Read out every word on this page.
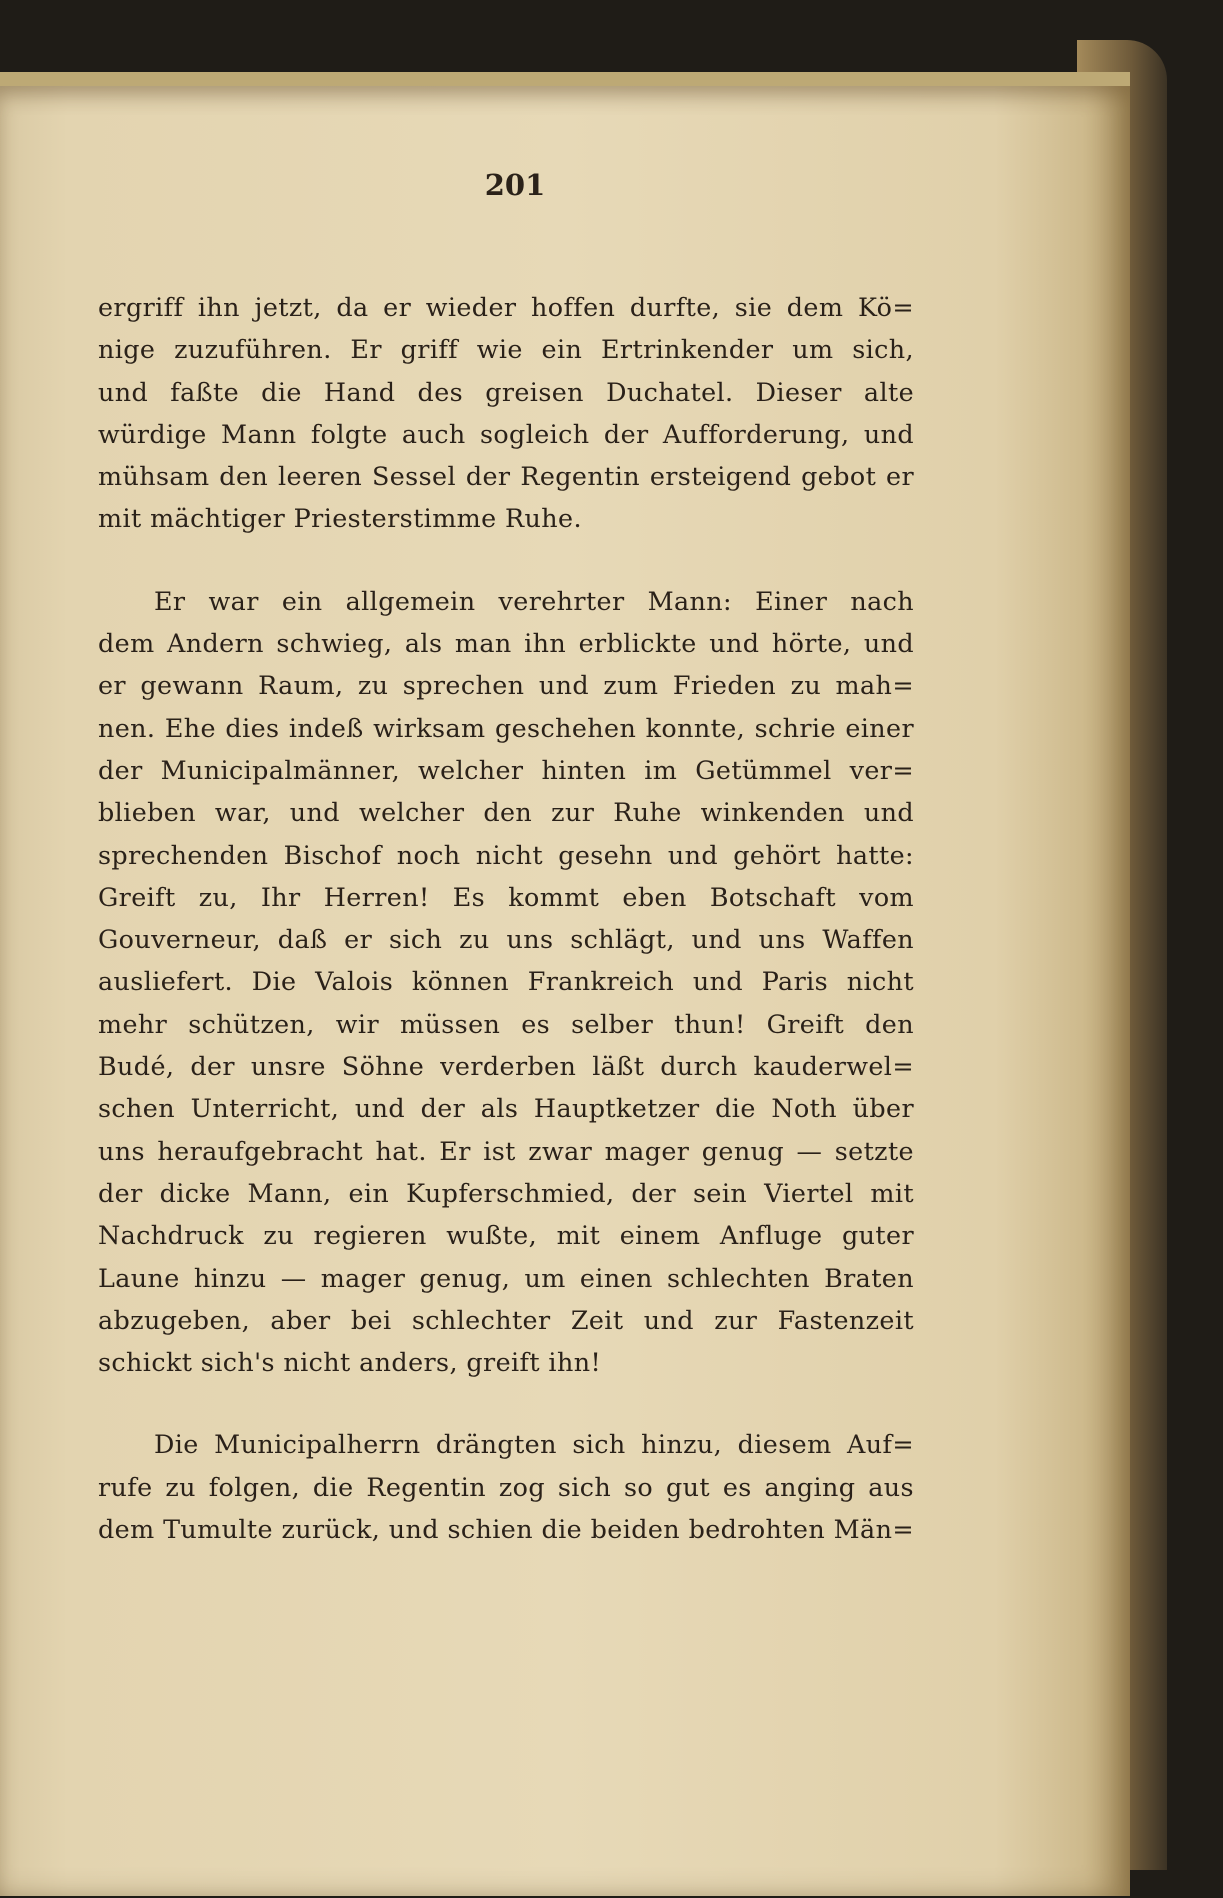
201
ergriff ihn jetzt, da er wieder hoffen durfte, sie dem Kö=
nige zuzuführen. Er griff wie ein Ertrinkender um sich,
und faßte die Hand des greisen Duchatel. Dieser alte
würdige Mann folgte auch sogleich der Aufforderung, und
mühsam den leeren Sessel der Regentin ersteigend gebot er
mit mächtiger Priesterstimme Ruhe.
Er war ein allgemein verehrter Mann: Einer nach
dem Andern schwieg, als man ihn erblickte und hörte, und
er gewann Raum, zu sprechen und zum Frieden zu mah=
nen. Ehe dies indeß wirksam geschehen konnte, schrie einer
der Municipalmänner, welcher hinten im Getümmel ver=
blieben war, und welcher den zur Ruhe winkenden und
sprechenden Bischof noch nicht gesehn und gehört hatte:
Greift zu, Ihr Herren! Es kommt eben Botschaft vom
Gouverneur, daß er sich zu uns schlägt, und uns Waffen
ausliefert. Die Valois können Frankreich und Paris nicht
mehr schützen, wir müssen es selber thun! Greift den
Budé, der unsre Söhne verderben läßt durch kauderwel=
schen Unterricht, und der als Hauptketzer die Noth über
uns heraufgebracht hat. Er ist zwar mager genug — setzte
der dicke Mann, ein Kupferschmied, der sein Viertel mit
Nachdruck zu regieren wußte, mit einem Anfluge guter
Laune hinzu — mager genug, um einen schlechten Braten
abzugeben, aber bei schlechter Zeit und zur Fastenzeit
schickt sich's nicht anders, greift ihn!
Die Municipalherrn drängten sich hinzu, diesem Auf=
rufe zu folgen, die Regentin zog sich so gut es anging aus
dem Tumulte zurück, und schien die beiden bedrohten Män=
